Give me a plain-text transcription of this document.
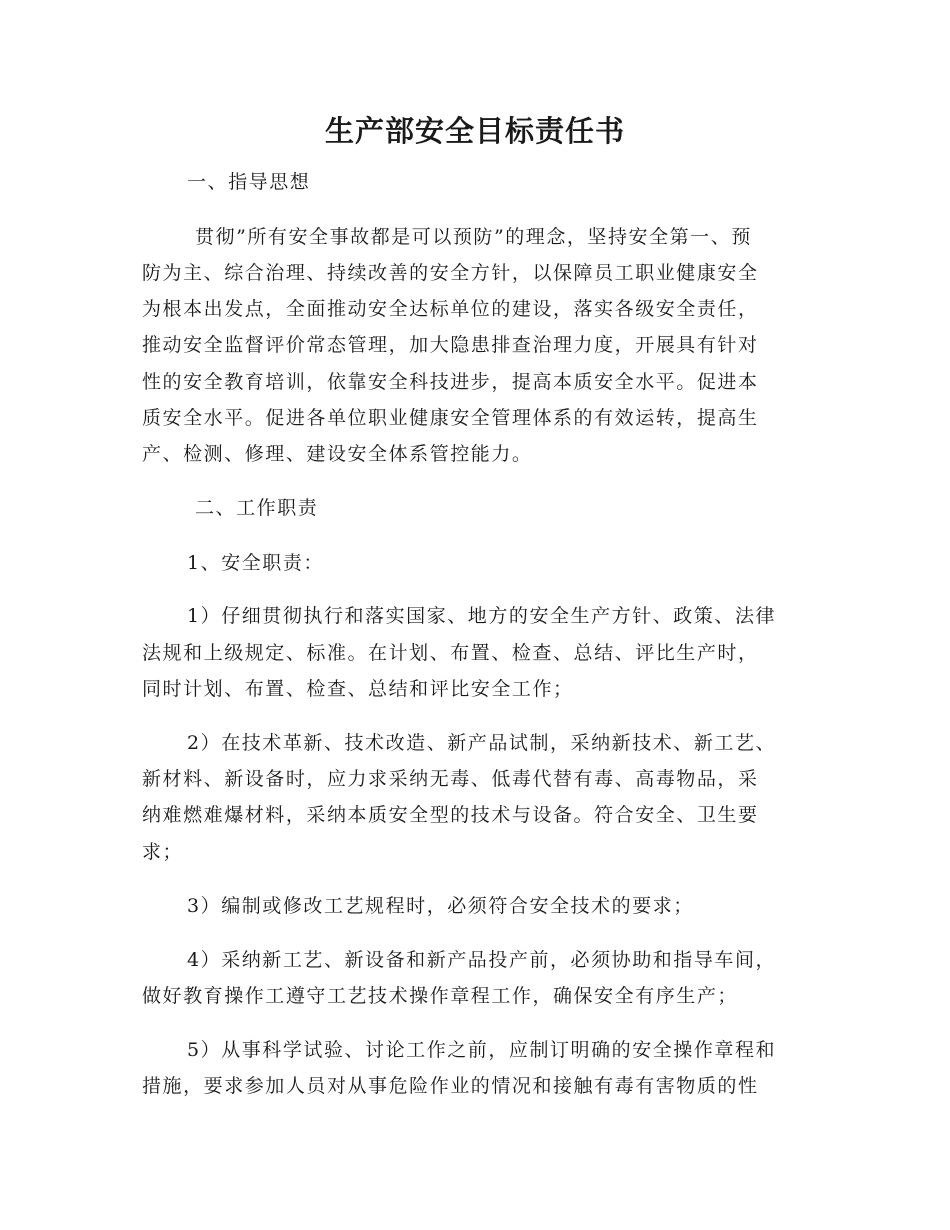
生产部安全目标责任书
一、指导思想
贯彻”所有安全事故都是可以预防”的理念，坚持安全第一、预
防为主、综合治理、持续改善的安全方针，以保障员工职业健康安全
为根本出发点，全面推动安全达标单位的建设，落实各级安全责任，
推动安全监督评价常态管理，加大隐患排查治理力度，开展具有针对
性的安全教育培训，依靠安全科技进步，提高本质安全水平。促进本
质安全水平。促进各单位职业健康安全管理体系的有效运转，提高生
产、检测、修理、建设安全体系管控能力。
二、工作职责
1、安全职责：
1）仔细贯彻执行和落实国家、地方的安全生产方针、政策、法律
法规和上级规定、标准。在计划、布置、检查、总结、评比生产时，
同时计划、布置、检查、总结和评比安全工作；
2）在技术革新、技术改造、新产品试制，采纳新技术、新工艺、
新材料、新设备时，应力求采纳无毒、低毒代替有毒、高毒物品，采
纳难燃难爆材料，采纳本质安全型的技术与设备。符合安全、卫生要
求；
3）编制或修改工艺规程时，必须符合安全技术的要求；
4）采纳新工艺、新设备和新产品投产前，必须协助和指导车间，
做好教育操作工遵守工艺技术操作章程工作，确保安全有序生产；
5）从事科学试验、讨论工作之前，应制订明确的安全操作章程和
措施，要求参加人员对从事危险作业的情况和接触有毒有害物质的性
